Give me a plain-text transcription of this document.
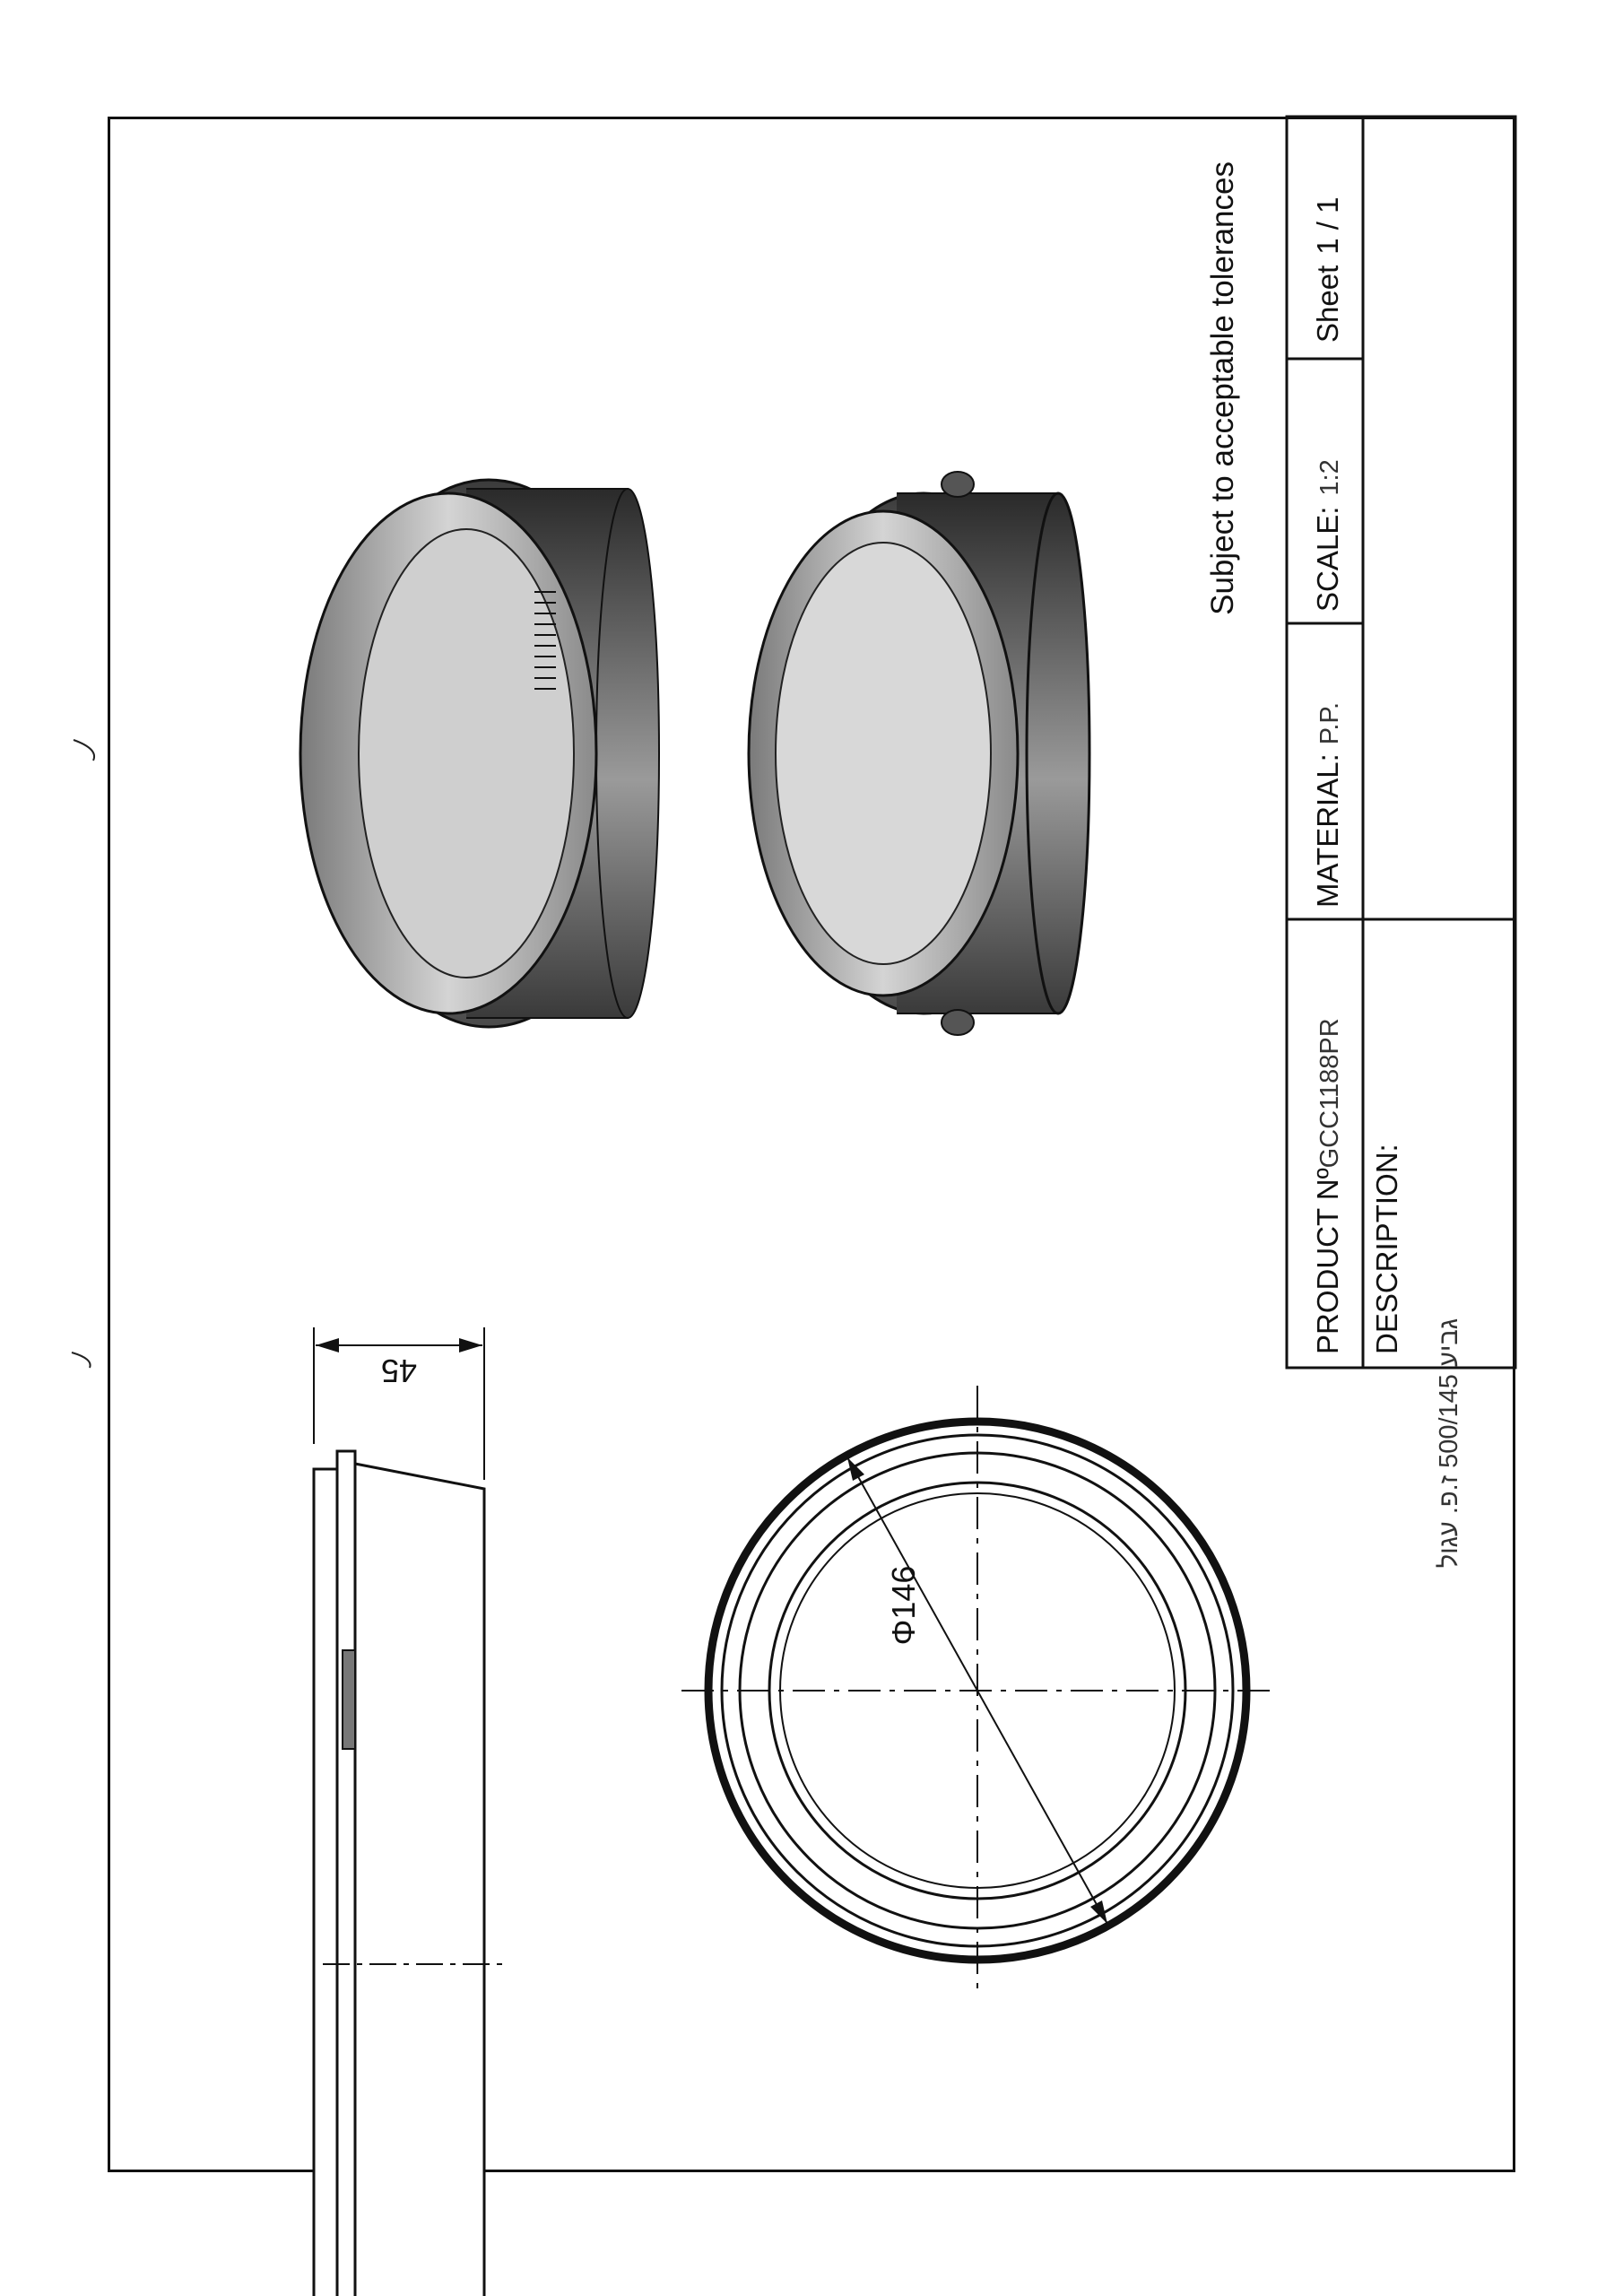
45
Φ146
Subject to acceptable tolerances
PRODUCT NºGCC1188PR
MATERIAL:P.P.
SCALE:1:2
Sheet1 / 1
DESCRIPTION:
גביע 500/145 ז.פ. עגול
